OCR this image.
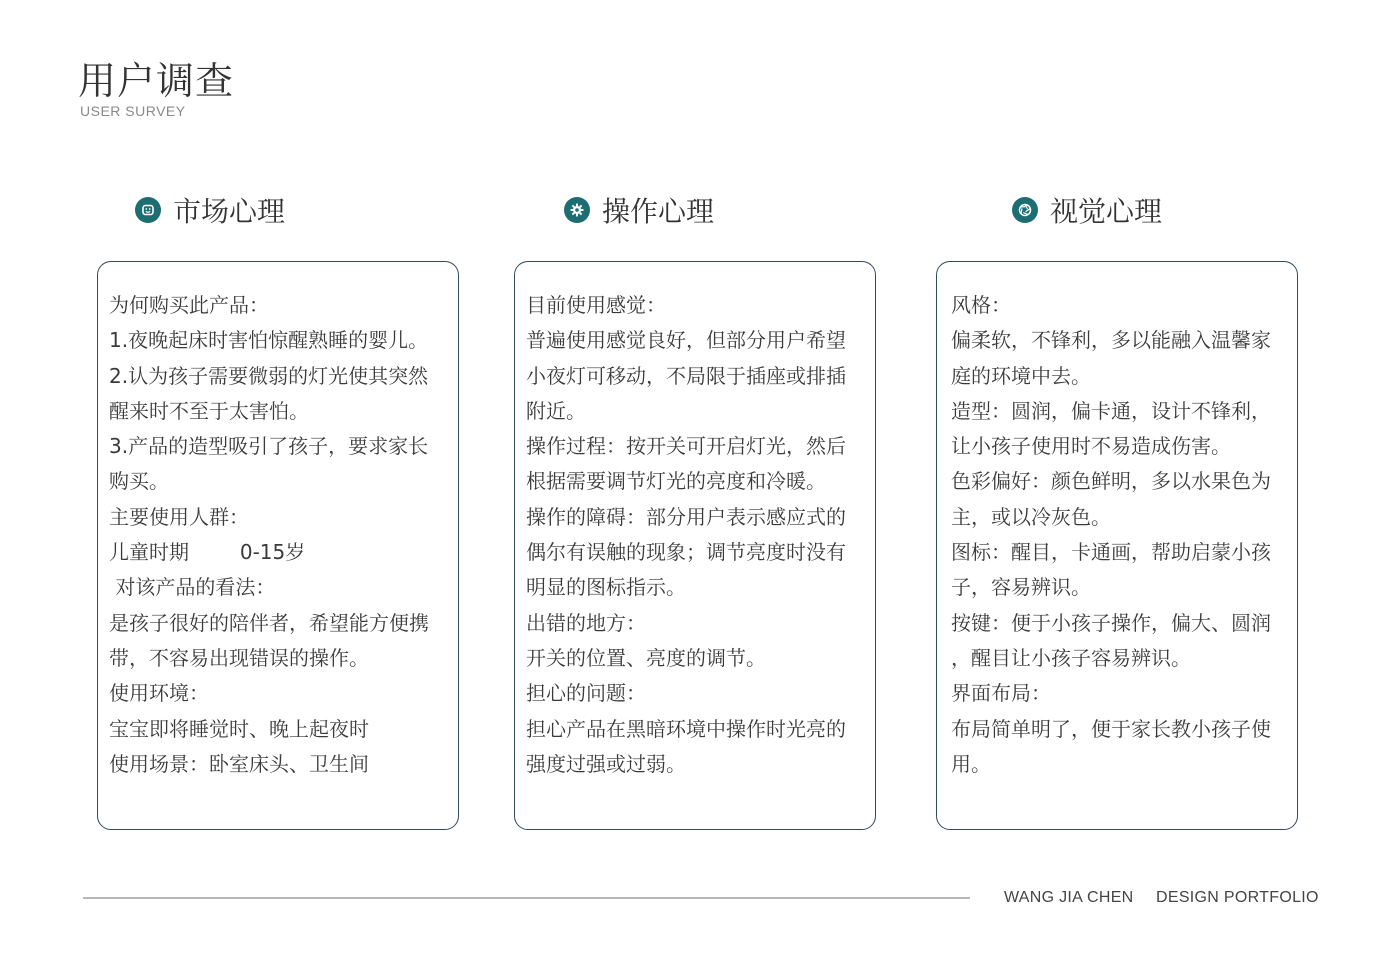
用户调查
USER SURVEY
市场心理	操作心理	视觉心理
为何购买此产品：
1.夜晚起床时害怕惊醒熟睡的婴儿。
2.认为孩子需要微弱的灯光使其突然
醒来时不至于太害怕。
3.产品的造型吸引了孩子，要求家长
购买。
主要使用人群：
儿童时期        0-15岁
对该产品的看法：
是孩子很好的陪伴者，希望能方便携
带，不容易出现错误的操作。
使用环境：
宝宝即将睡觉时、晚上起夜时
使用场景：卧室床头、卫生间
目前使用感觉：
普遍使用感觉良好，但部分用户希望
小夜灯可移动，不局限于插座或排插
附近。
操作过程：按开关可开启灯光，然后
根据需要调节灯光的亮度和冷暖。
操作的障碍：部分用户表示感应式的
偶尔有误触的现象；调节亮度时没有
明显的图标指示。
出错的地方：
开关的位置、亮度的调节。
担心的问题：
担心产品在黑暗环境中操作时光亮的
强度过强或过弱。
风格：
偏柔软，不锋利，多以能融入温馨家
庭的环境中去。
造型：圆润，偏卡通，设计不锋利，
让小孩子使用时不易造成伤害。
色彩偏好：颜色鲜明，多以水果色为
主，或以冷灰色。
图标：醒目，卡通画，帮助启蒙小孩
子，容易辨识。
按键：便于小孩子操作，偏大、圆润
，醒目让小孩子容易辨识。
界面布局：
布局简单明了，便于家长教小孩子使
用。
WANG JIA CHEN DESIGN PORTFOLIO
